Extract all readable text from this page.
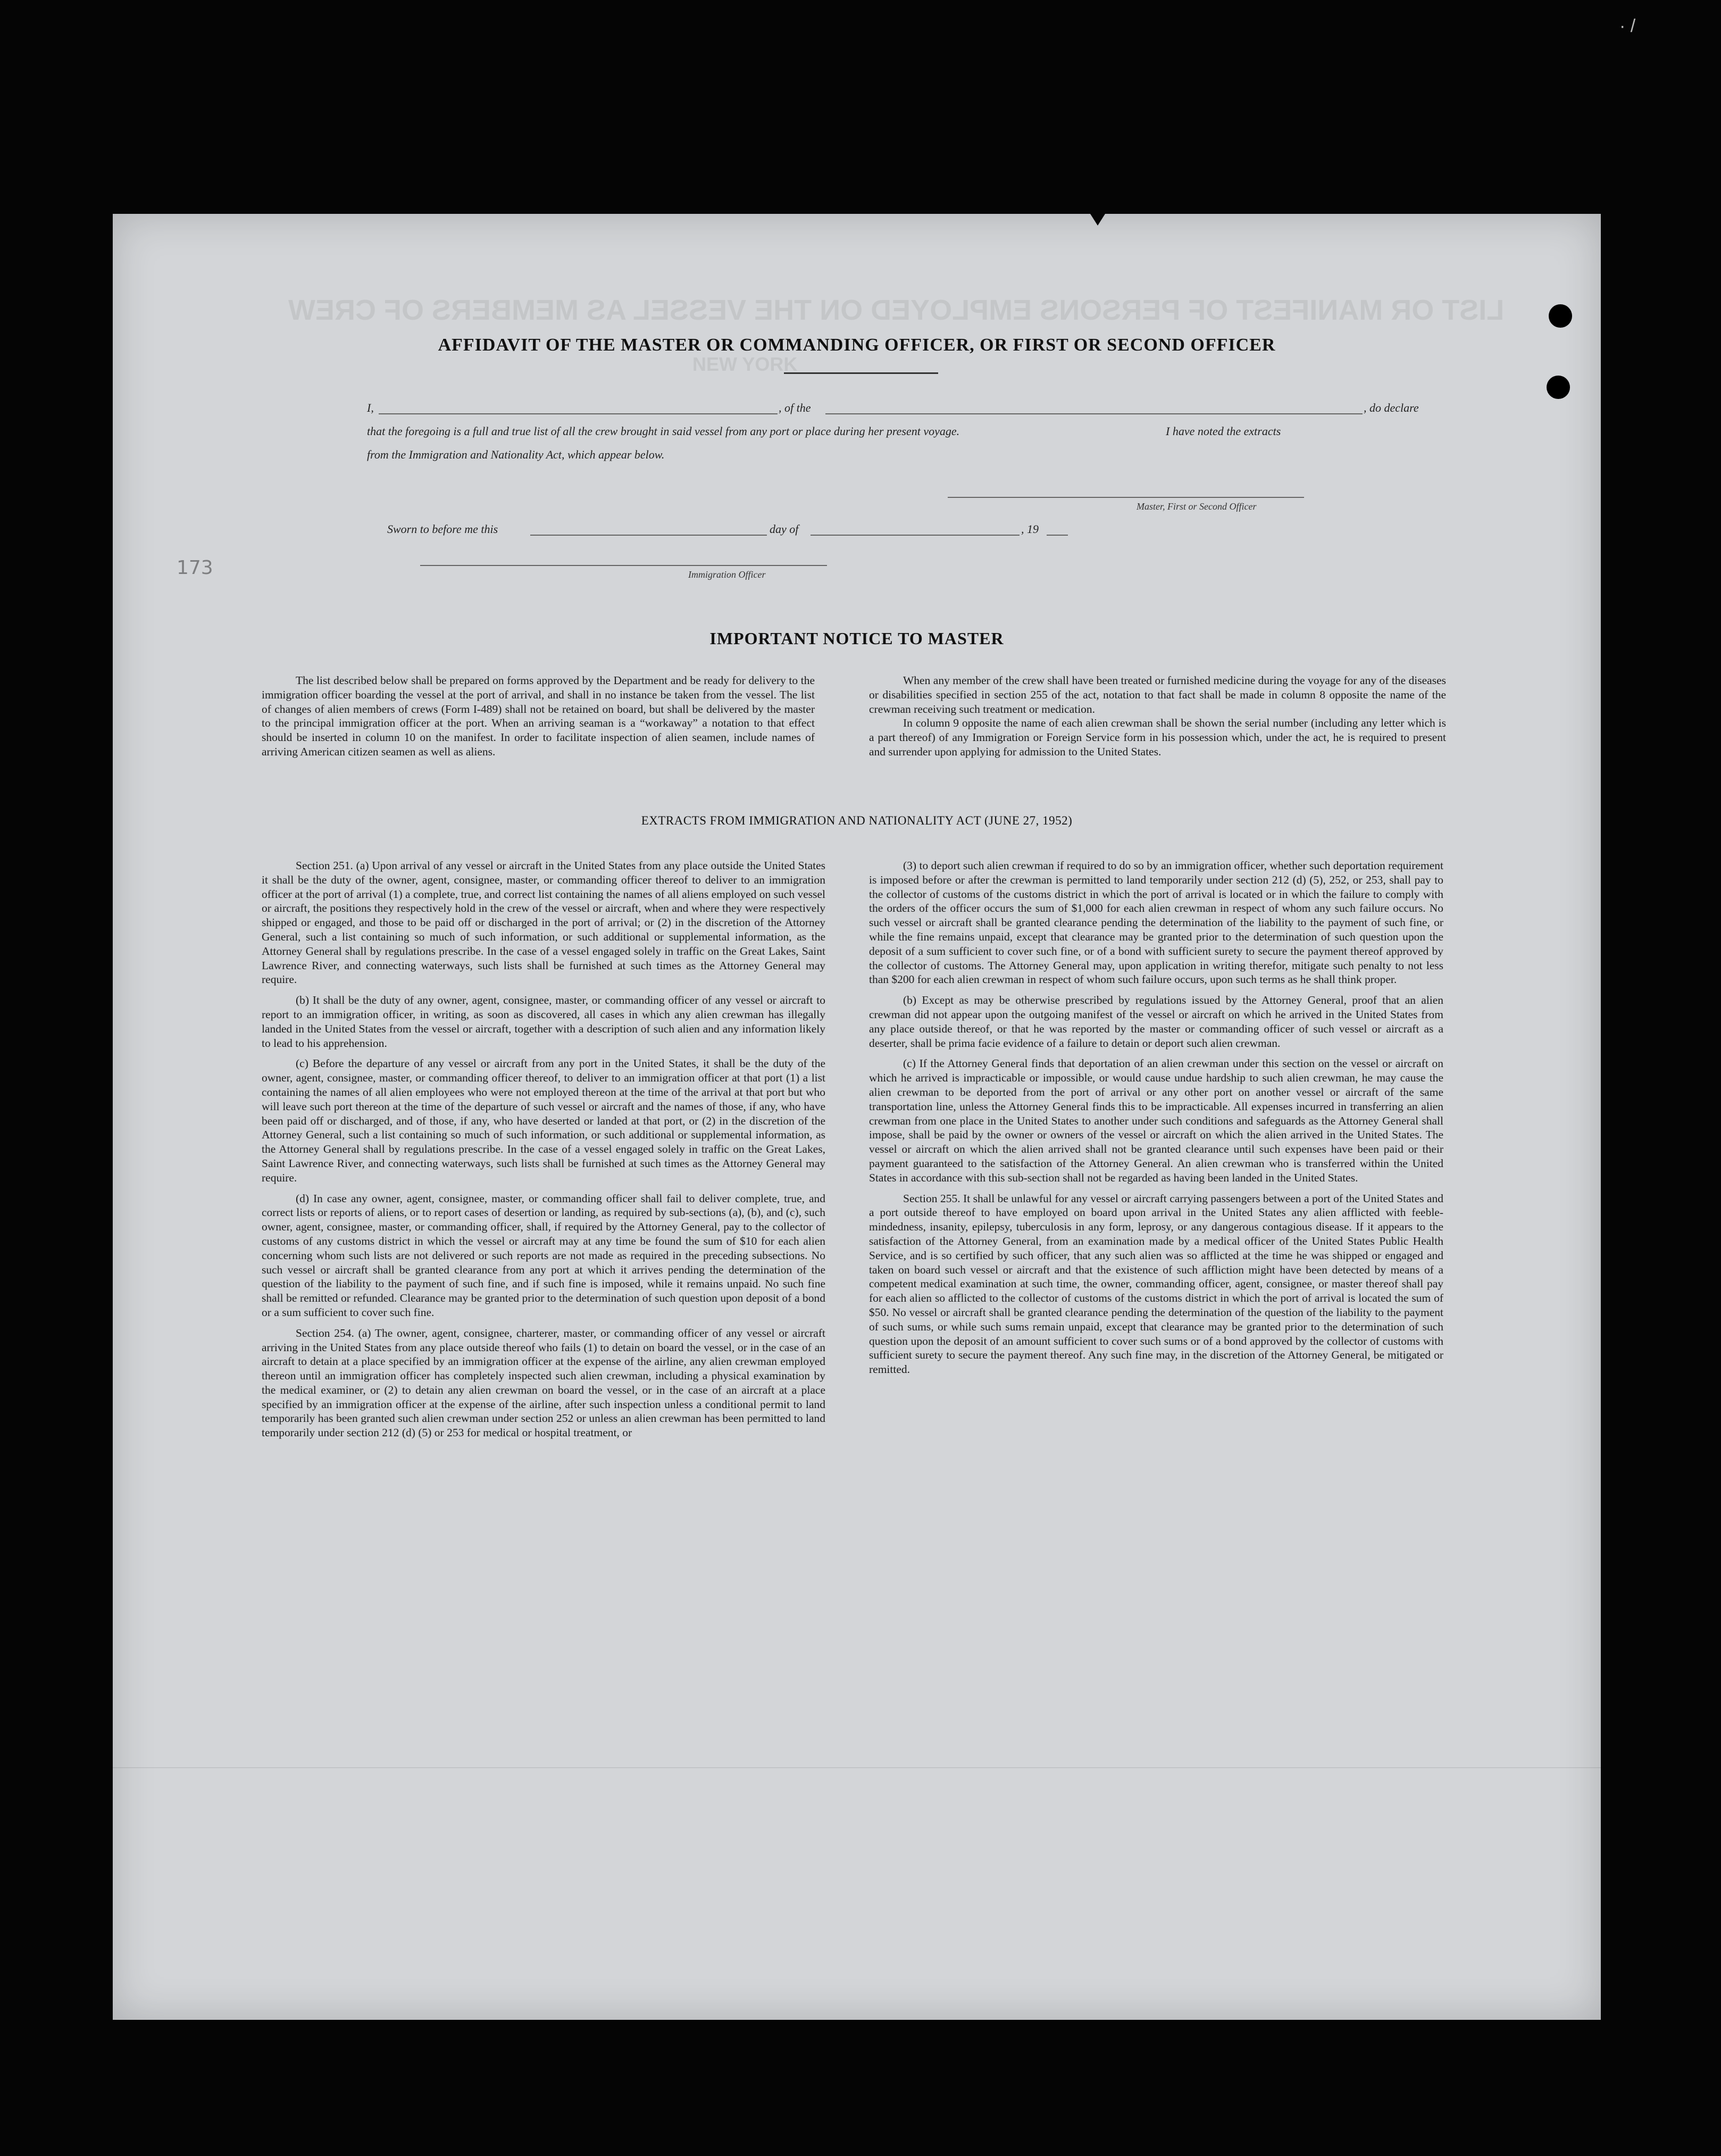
· /
LIST OR MANIFEST OF PERSONS EMPLOYED ON THE VESSEL AS MEMBERS OF CREW
NEW YORK
173
AFFIDAVIT OF THE MASTER OR COMMANDING OFFICER, OR FIRST OR SECOND OFFICER
I,	, of the	, do declare
that the foregoing is a full and true list of all the crew brought in said vessel from any port or place during her present voyage.	I have noted the extracts
from the Immigration and Nationality Act, which appear below.
Master, First or Second Officer
Sworn to before me this	day of	, 19
Immigration Officer
IMPORTANT NOTICE TO MASTER

The list described below shall be prepared on forms approved by the Department and be ready for delivery to the immigration officer boarding the vessel at the port of arrival, and shall in no instance be taken from the vessel. The list of changes of alien members of crews (Form I-489) shall not be retained on board, but shall be delivered by the master to the principal immigration officer at the port. When an arriving seaman is a “workaway” a notation to that effect should be inserted in column 10 on the manifest. In order to facilitate inspection of alien seamen, include names of arriving American citizen seamen as well as aliens.

When any member of the crew shall have been treated or furnished medicine during the voyage for any of the diseases or disabilities specified in section 255 of the act, notation to that fact shall be made in column 8 opposite the name of the crewman receiving such treatment or medication.

In column 9 opposite the name of each alien crewman shall be shown the serial number (including any letter which is a part thereof) of any Immigration or Foreign Service form in his possession which, under the act, he is required to present and surrender upon applying for admission to the United States.

EXTRACTS FROM IMMIGRATION AND NATIONALITY ACT (JUNE 27, 1952)

Section 251. (a) Upon arrival of any vessel or aircraft in the United States from any place outside the United States it shall be the duty of the owner, agent, consignee, master, or commanding officer thereof to deliver to an immigration officer at the port of arrival (1) a complete, true, and correct list containing the names of all aliens employed on such vessel or aircraft, the positions they respectively hold in the crew of the vessel or aircraft, when and where they were respectively shipped or engaged, and those to be paid off or discharged in the port of arrival; or (2) in the discretion of the Attorney General, such a list containing so much of such information, or such additional or supplemental information, as the Attorney General shall by regulations prescribe. In the case of a vessel engaged solely in traffic on the Great Lakes, Saint Lawrence River, and connecting waterways, such lists shall be furnished at such times as the Attorney General may require.

(b) It shall be the duty of any owner, agent, consignee, master, or commanding officer of any vessel or aircraft to report to an immigration officer, in writing, as soon as discovered, all cases in which any alien crewman has illegally landed in the United States from the vessel or aircraft, together with a description of such alien and any information likely to lead to his apprehension.

(c) Before the departure of any vessel or aircraft from any port in the United States, it shall be the duty of the owner, agent, consignee, master, or commanding officer thereof, to deliver to an immigration officer at that port (1) a list containing the names of all alien employees who were not employed thereon at the time of the arrival at that port but who will leave such port thereon at the time of the departure of such vessel or aircraft and the names of those, if any, who have been paid off or discharged, and of those, if any, who have deserted or landed at that port, or (2) in the discretion of the Attorney General, such a list containing so much of such information, or such additional or supplemental information, as the Attorney General shall by regulations prescribe. In the case of a vessel engaged solely in traffic on the Great Lakes, Saint Lawrence River, and connecting waterways, such lists shall be furnished at such times as the Attorney General may require.

(d) In case any owner, agent, consignee, master, or commanding officer shall fail to deliver complete, true, and correct lists or reports of aliens, or to report cases of desertion or landing, as required by sub-sections (a), (b), and (c), such owner, agent, consignee, master, or commanding officer, shall, if required by the Attorney General, pay to the collector of customs of any customs district in which the vessel or aircraft may at any time be found the sum of $10 for each alien concerning whom such lists are not delivered or such reports are not made as required in the preceding subsections. No such vessel or aircraft shall be granted clearance from any port at which it arrives pending the determination of the question of the liability to the payment of such fine, and if such fine is imposed, while it remains unpaid. No such fine shall be remitted or refunded. Clearance may be granted prior to the determination of such question upon deposit of a bond or a sum sufficient to cover such fine.

Section 254. (a) The owner, agent, consignee, charterer, master, or commanding officer of any vessel or aircraft arriving in the United States from any place outside thereof who fails (1) to detain on board the vessel, or in the case of an aircraft to detain at a place specified by an immigration officer at the expense of the airline, any alien crewman employed thereon until an immigration officer has completely inspected such alien crewman, including a physical examination by the medical examiner, or (2) to detain any alien crewman on board the vessel, or in the case of an aircraft at a place specified by an immigration officer at the expense of the airline, after such inspection unless a conditional permit to land temporarily has been granted such alien crewman under section 252 or unless an alien crewman has been permitted to land temporarily under section 212 (d) (5) or 253 for medical or hospital treatment, or

(3) to deport such alien crewman if required to do so by an immigration officer, whether such deportation requirement is imposed before or after the crewman is permitted to land temporarily under section 212 (d) (5), 252, or 253, shall pay to the collector of customs of the customs district in which the port of arrival is located or in which the failure to comply with the orders of the officer occurs the sum of $1,000 for each alien crewman in respect of whom any such failure occurs. No such vessel or aircraft shall be granted clearance pending the determination of the liability to the payment of such fine, or while the fine remains unpaid, except that clearance may be granted prior to the determination of such question upon the deposit of a sum sufficient to cover such fine, or of a bond with sufficient surety to secure the payment thereof approved by the collector of customs. The Attorney General may, upon application in writing therefor, mitigate such penalty to not less than $200 for each alien crewman in respect of whom such failure occurs, upon such terms as he shall think proper.

(b) Except as may be otherwise prescribed by regulations issued by the Attorney General, proof that an alien crewman did not appear upon the outgoing manifest of the vessel or aircraft on which he arrived in the United States from any place outside thereof, or that he was reported by the master or commanding officer of such vessel or aircraft as a deserter, shall be prima facie evidence of a failure to detain or deport such alien crewman.

(c) If the Attorney General finds that deportation of an alien crewman under this section on the vessel or aircraft on which he arrived is impracticable or impossible, or would cause undue hardship to such alien crewman, he may cause the alien crewman to be deported from the port of arrival or any other port on another vessel or aircraft of the same transportation line, unless the Attorney General finds this to be impracticable. All expenses incurred in transferring an alien crewman from one place in the United States to another under such conditions and safeguards as the Attorney General shall impose, shall be paid by the owner or owners of the vessel or aircraft on which the alien arrived in the United States. The vessel or aircraft on which the alien arrived shall not be granted clearance until such expenses have been paid or their payment guaranteed to the satisfaction of the Attorney General. An alien crewman who is transferred within the United States in accordance with this sub-section shall not be regarded as having been landed in the United States.

Section 255. It shall be unlawful for any vessel or aircraft carrying passengers between a port of the United States and a port outside thereof to have employed on board upon arrival in the United States any alien afflicted with feeble-mindedness, insanity, epilepsy, tuberculosis in any form, leprosy, or any dangerous contagious disease. If it appears to the satisfaction of the Attorney General, from an examination made by a medical officer of the United States Public Health Service, and is so certified by such officer, that any such alien was so afflicted at the time he was shipped or engaged and taken on board such vessel or aircraft and that the existence of such affliction might have been detected by means of a competent medical examination at such time, the owner, commanding officer, agent, consignee, or master thereof shall pay for each alien so afflicted to the collector of customs of the customs district in which the port of arrival is located the sum of $50. No vessel or aircraft shall be granted clearance pending the determination of the question of the liability to the payment of such sums, or while such sums remain unpaid, except that clearance may be granted prior to the determination of such question upon the deposit of an amount sufficient to cover such sums or of a bond approved by the collector of customs with sufficient surety to secure the payment thereof. Any such fine may, in the discretion of the Attorney General, be mitigated or remitted.
